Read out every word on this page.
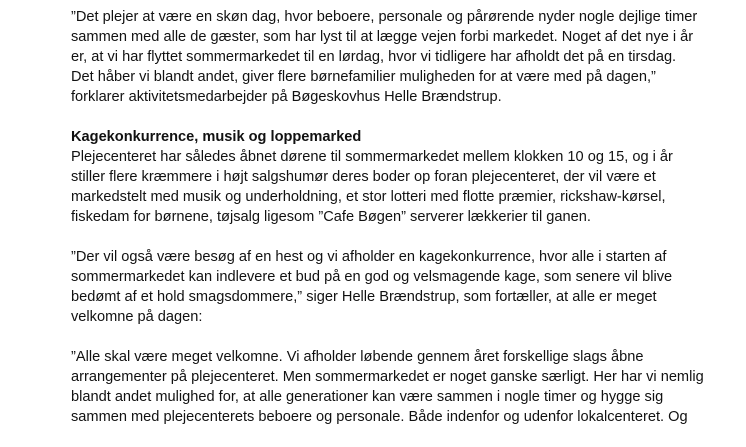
”Det plejer at være en skøn dag, hvor beboere, personale og pårørende nyder nogle dejlige timer
sammen med alle de gæster, som har lyst til at lægge vejen forbi markedet. Noget af det nye i år
er, at vi har flyttet sommermarkedet til en lørdag, hvor vi tidligere har afholdt det på en tirsdag.
Det håber vi blandt andet, giver flere børnefamilier muligheden for at være med på dagen,”
forklarer aktivitetsmedarbejder på Bøgeskovhus Helle Brændstrup.

Kagekonkurrence, musik og loppemarked

Plejecenteret har således åbnet dørene til sommermarkedet mellem klokken 10 og 15, og i år
stiller flere kræmmere i højt salgshumør deres boder op foran plejecenteret, der vil være et
markedstelt med musik og underholdning, et stor lotteri med flotte præmier, rickshaw-kørsel,
fiskedam for børnene, tøjsalg ligesom ”Cafe Bøgen” serverer lækkerier til ganen.

”Der vil også være besøg af en hest og vi afholder en kagekonkurrence, hvor alle i starten af
sommermarkedet kan indlevere et bud på en god og velsmagende kage, som senere vil blive
bedømt af et hold smagsdommere,” siger Helle Brændstrup, som fortæller, at alle er meget
velkomne på dagen:

”Alle skal være meget velkomne. Vi afholder løbende gennem året forskellige slags åbne
arrangementer på plejecenteret. Men sommermarkedet er noget ganske særligt. Her har vi nemlig
blandt andet mulighed for, at alle generationer kan være sammen i nogle timer og hygge sig
sammen med plejecenterets beboere og personale. Både indenfor og udenfor lokalcenteret. Og
